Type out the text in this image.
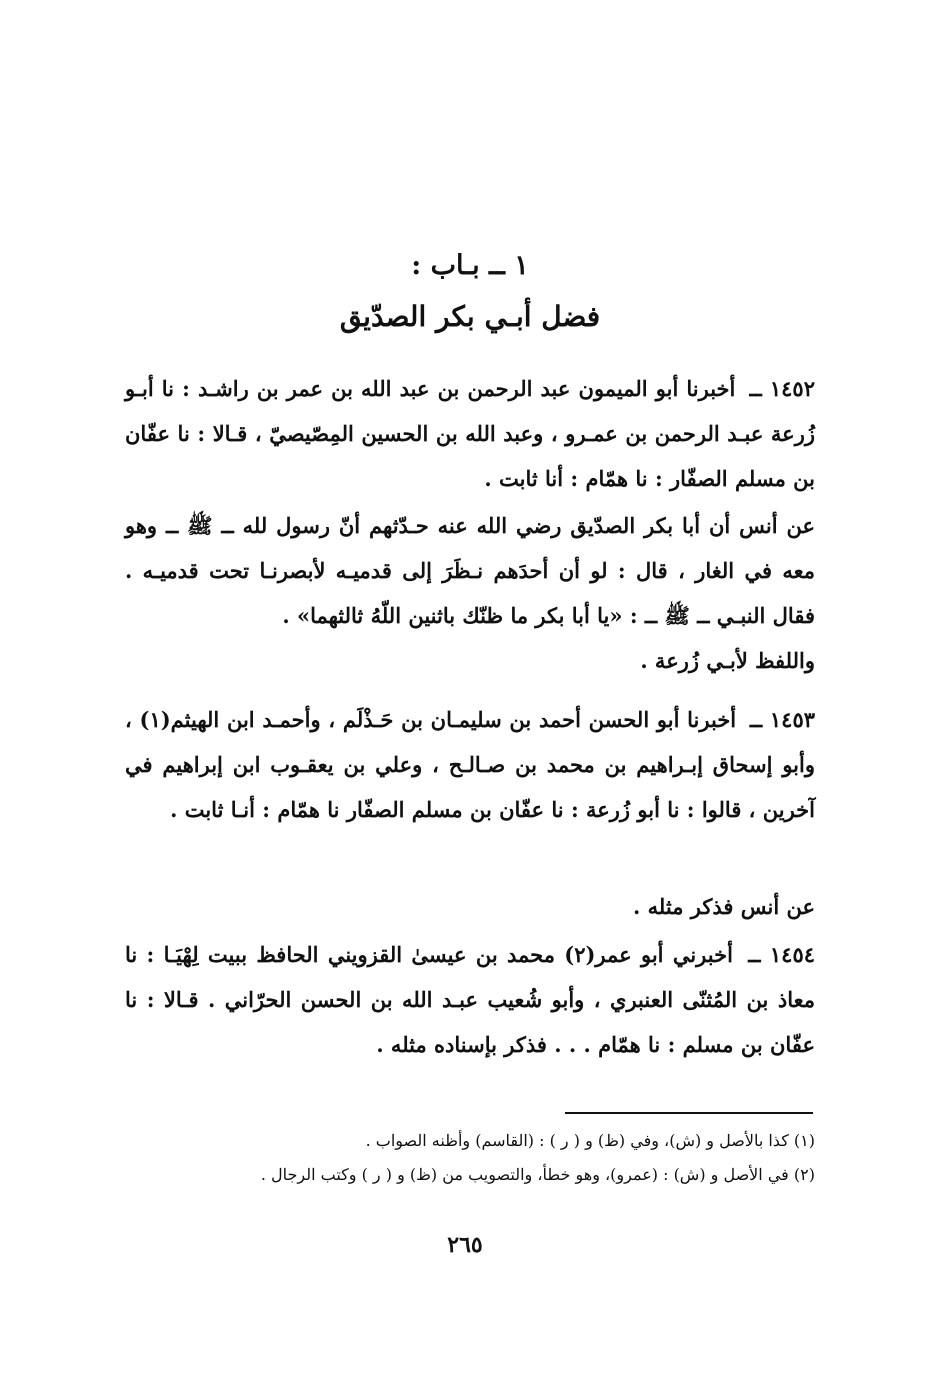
١ ــ بـاب :
فضل أبـي بكر الصدّيق
١٤٥٢ ــ أخبرنا أبو الميمون عبد الرحمن بن عبد الله بن عمر بن راشـد : نا أبـو زُرعة عبـد الرحمن بن عمـرو ، وعبد الله بن الحسين المِصّيصيّ ، قـالا : نا عفّان بن مسلم الصفّار : نا همّام : أنا ثابت .
عن أنس أن أبا بكر الصدّيق رضي الله عنه حـدّثهم أنّ رسول لله ــ ﷺ ــ وهو معه في الغار ، قال : لو أن أحدَهم نـظَرَ إلى قدميـه لأبصرنـا تحت قدميـه . فقال النبـي ــ ﷺ ــ : «يا أبا بكر ما ظنّك باثنين اللّهُ ثالثهما» .
واللفظ لأبـي زُرعة .
١٤٥٣ ــ أخبرنا أبو الحسن أحمد بن سليمـان بن حَـذْلَم ، وأحمـد ابن الهيثم(١) ، وأبو إسحاق إبـراهيم بن محمد بن صـالـح ، وعلي بن يعقـوب ابن إبراهيم في آخرين ، قالوا : نا أبو زُرعة : نا عفّان بن مسلم الصفّار نا همّام : أنـا ثابت .
عن أنس فذكر مثله .
١٤٥٤ ــ أخبرني أبو عمر(٢) محمد بن عيسىٰ القزويني الحافظ ببيت لِهْيَـا : نا معاذ بن المُثنّى العنبري ، وأبو شُعيب عبـد الله بن الحسن الحرّاني . قـالا : نا عفّان بن مسلم : نا همّام . . . فذكر بإسناده مثله .
(١) كذا بالأصل و (ش)، وفي (ظ) و ( ر ) : (القاسم) وأظنه الصواب .
(٢) في الأصل و (ش) : (عمرو)، وهو خطأ، والتصويب من (ظ) و ( ر ) وكتب الرجال .
٢٦٥
